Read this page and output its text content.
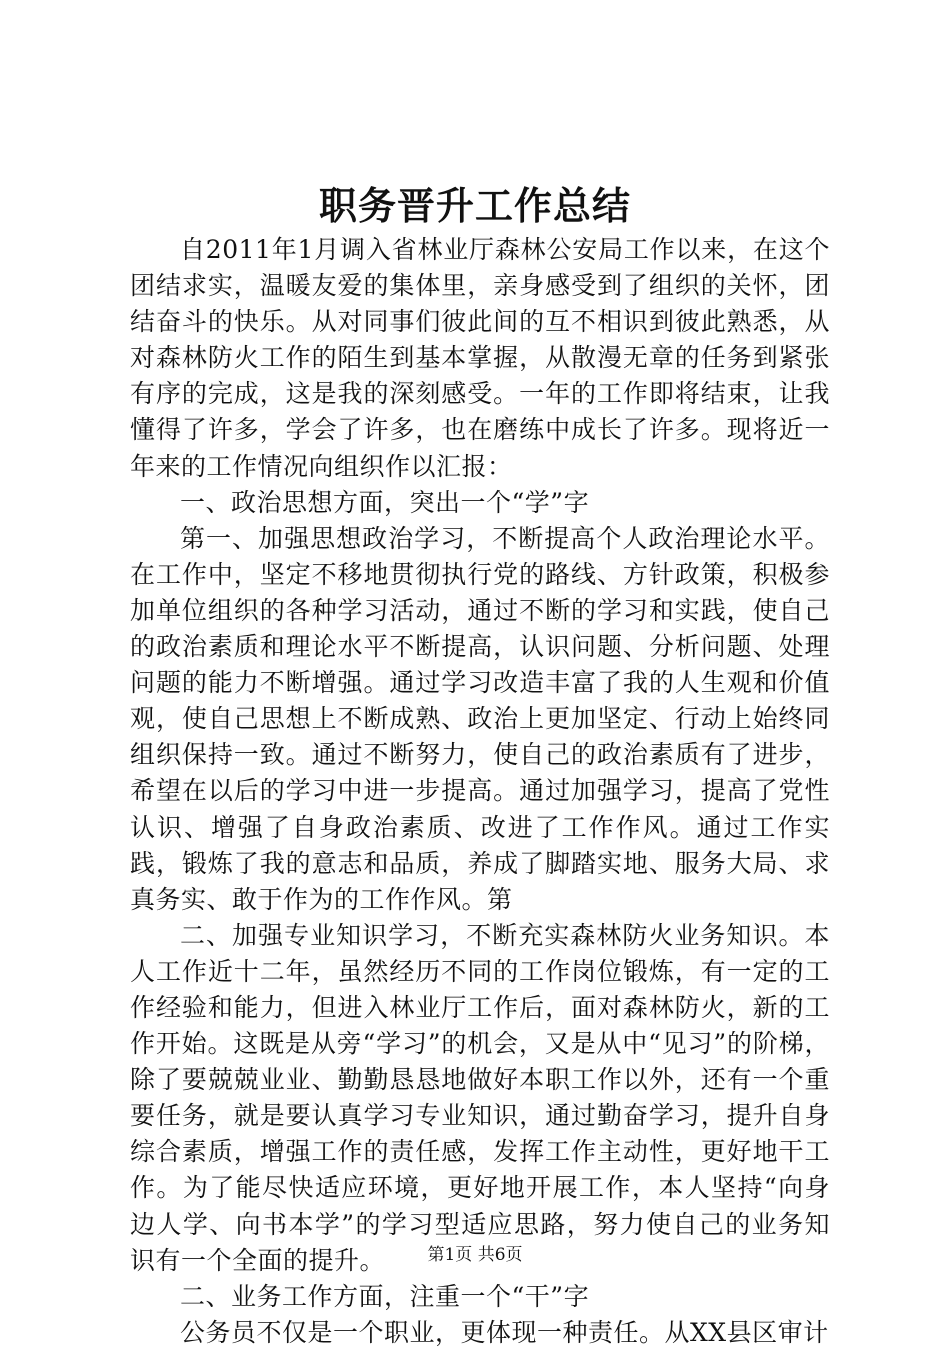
职务晋升工作总结

自2011年1月调入省林业厅森林公安局工作以来，在这个团结求实，温暖友爱的集体里，亲身感受到了组织的关怀，团结奋斗的快乐。从对同事们彼此间的互不相识到彼此熟悉，从对森林防火工作的陌生到基本掌握，从散漫无章的任务到紧张有序的完成，这是我的深刻感受。一年的工作即将结束，让我懂得了许多，学会了许多，也在磨练中成长了许多。现将近一年来的工作情况向组织作以汇报：

一、政治思想方面，突出一个“学”字

第一、加强思想政治学习，不断提高个人政治理论水平。在工作中，坚定不移地贯彻执行党的路线、方针政策，积极参加单位组织的各种学习活动，通过不断的学习和实践，使自己的政治素质和理论水平不断提高，认识问题、分析问题、处理问题的能力不断增强。通过学习改造丰富了我的人生观和价值观，使自己思想上不断成熟、政治上更加坚定、行动上始终同组织保持一致。通过不断努力，使自己的政治素质有了进步，希望在以后的学习中进一步提高。通过加强学习，提高了党性认识、增强了自身政治素质、改进了工作作风。通过工作实践，锻炼了我的意志和品质，养成了脚踏实地、服务大局、求真务实、敢于作为的工作作风。第

二、加强专业知识学习，不断充实森林防火业务知识。本人工作近十二年，虽然经历不同的工作岗位锻炼，有一定的工作经验和能力，但进入林业厅工作后，面对森林防火，新的工作开始。这既是从旁“学习”的机会，又是从中“见习”的阶梯，除了要兢兢业业、勤勤恳恳地做好本职工作以外，还有一个重要任务，就是要认真学习专业知识，通过勤奋学习，提升自身综合素质，增强工作的责任感，发挥工作主动性，更好地干工作。为了能尽快适应环境，更好地开展工作，本人坚持“向身边人学、向书本学”的学习型适应思路，努力使自己的业务知识有一个全面的提升。

二、业务工作方面，注重一个“干”字

公务员不仅是一个职业，更体现一种责任。从XX县区审计

第1页 共6页
